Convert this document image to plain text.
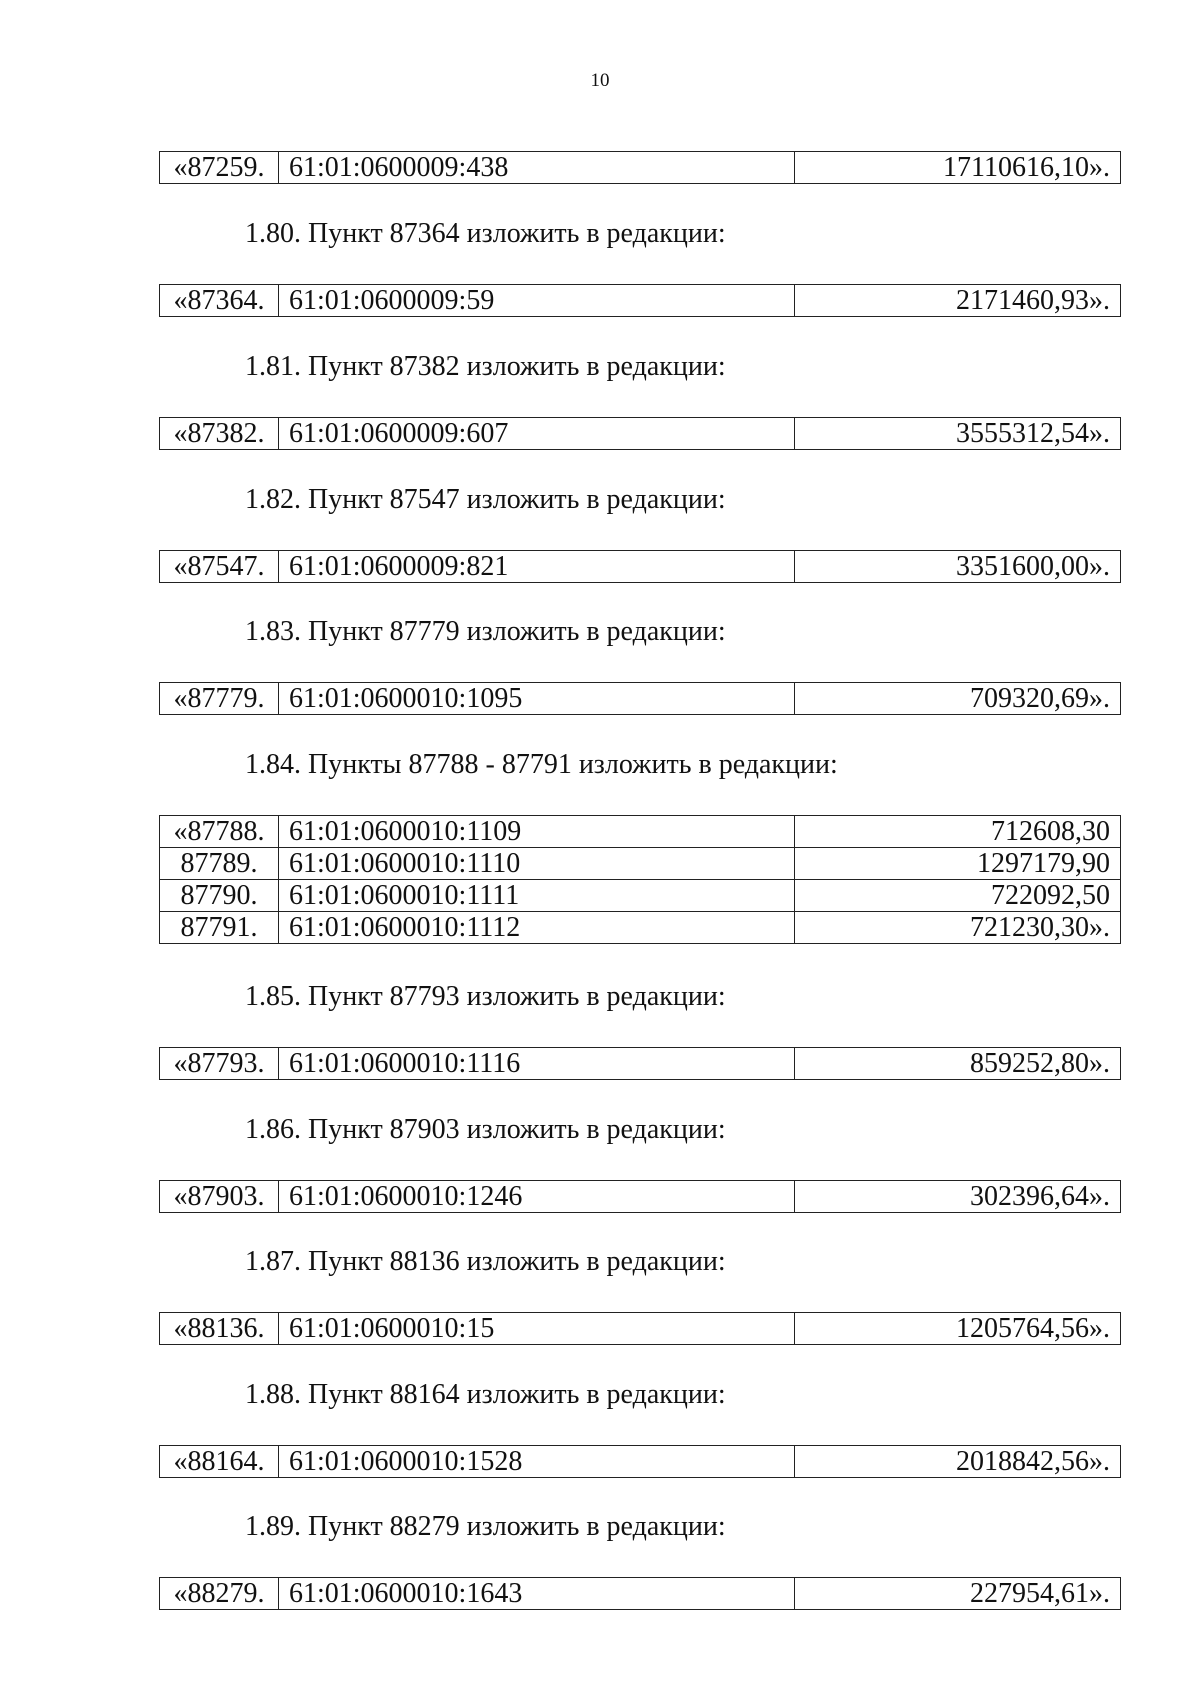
10
«87259.	61:01:0600009:438	17110616,10».
1.80. Пункт 87364 изложить в редакции:
«87364.	61:01:0600009:59	2171460,93».
1.81. Пункт 87382 изложить в редакции:
«87382.	61:01:0600009:607	3555312,54».
1.82. Пункт 87547 изложить в редакции:
«87547.	61:01:0600009:821	3351600,00».
1.83. Пункт 87779 изложить в редакции:
«87779.	61:01:0600010:1095	709320,69».
1.84. Пункты 87788 - 87791 изложить в редакции:
«87788.	61:01:0600010:1109	712608,30
87789.	61:01:0600010:1110	1297179,90
87790.	61:01:0600010:1111	722092,50
87791.	61:01:0600010:1112	721230,30».
1.85. Пункт 87793 изложить в редакции:
«87793.	61:01:0600010:1116	859252,80».
1.86. Пункт 87903 изложить в редакции:
«87903.	61:01:0600010:1246	302396,64».
1.87. Пункт 88136 изложить в редакции:
«88136.	61:01:0600010:15	1205764,56».
1.88. Пункт 88164 изложить в редакции:
«88164.	61:01:0600010:1528	2018842,56».
1.89. Пункт 88279 изложить в редакции:
«88279.	61:01:0600010:1643	227954,61».
